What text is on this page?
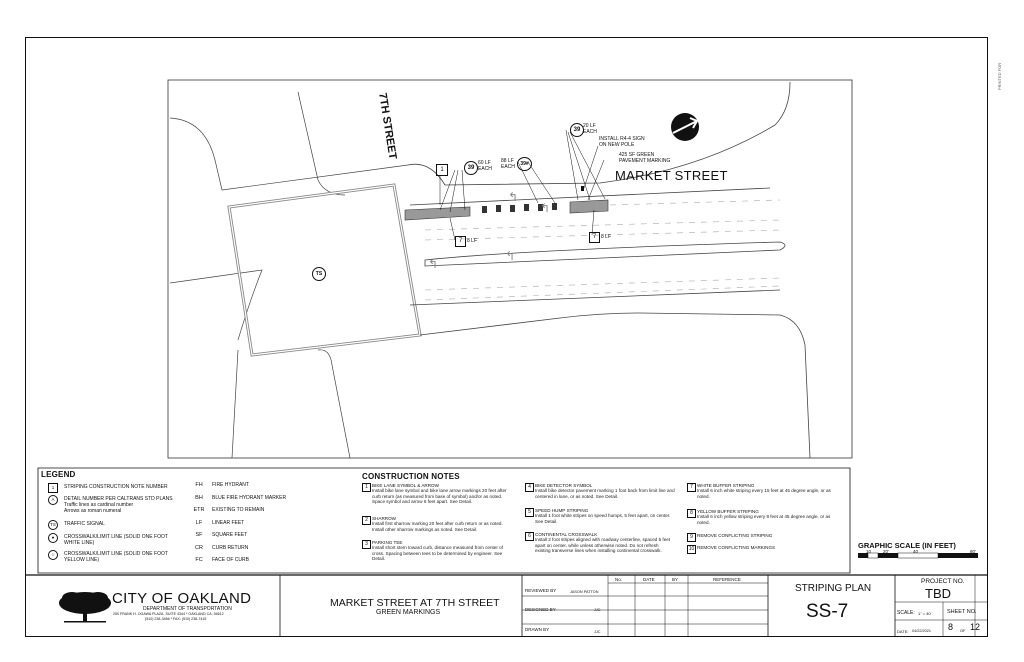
↰
↰
↰
↰
7TH STREET
MARKET STREET
1	39
60 LF
EACH
88 LF
EACH	39#
39
20 LF
EACH
INSTALL R4-4 SIGN
ON NEW POLE
425 SF GREEN
PAVEMENT MARKING
7 8 LF
7 8 LF
TS
PRINTED FOR
LEGEND
1	STRIPING CONSTRUCTION NOTE NUMBER
A	DETAIL NUMBER PER CALTRANS STD PLANS
Traffic lines as cardinal number
Arrows as roman numeral
TS	TRAFFIC SIGNAL
●	CROSSWALK/LIMIT LINE (SOLID ONE FOOT
WHITE LINE)
○	CROSSWALK/LIMIT LINE (SOLID ONE FOOT
YELLOW LINE)
FH	FIRE HYDRANT
BH	BLUE FIRE HYDRANT MARKER
ETR	EXISTING TO REMAIN
LF	LINEAR FEET
SF	SQUARE FEET
CR	CURB RETURN
FC	FACE OF CURB
CONSTRUCTION NOTES
1 BIKE LANE SYMBOL & ARROW
Install bike lane symbol and bike lane arrow markings 20 feet after curb return (as measured from base of symbol) and/or as noted. Space symbol and arrow 6 feet apart. See Detail.
2 SHARROW
Install first sharrow marking 20 feet after curb return or as noted. Install other sharrow markings as noted. See Detail.
3 PARKING TEE
Install short stem toward curb, distance measured from center of cross. Spacing between tees to be determined by engineer. See Detail.
4 BIKE DETECTOR SYMBOL
Install bike detector pavement marking 1 foot back from limit line and centered in lane, or as noted. See Detail.
5 SPEED HUMP STRIPING
Install 1 foot white stripes on speed humps, 5 feet apart, on center. See Detail.
6 CONTINENTAL CROSSWALK
Install 2 foot stripes aligned with roadway centerline, spaced 5 feet apart on center, while unless otherwise noted. Do not refresh existing transverse lines when installing continental crosswalk.
7 WHITE BUFFER STRIPING
Install 6 inch white striping every 15 feet at 45 degree angle, or as noted.
8 YELLOW BUFFER STRIPING
Install 6 inch yellow striping every 8 feet at 45 degree angle, or as noted.
9 REMOVE CONFLICTING STRIPING
10 REMOVE CONFLICTING MARKINGS	GRAPHIC SCALE (IN FEET)
10	20'	40	80'
CITY OF OAKLAND
DEPARTMENT OF TRANSPORTATION
250 FRANK H. OGAWA PLAZA, SUITE 4344 * OAKLAND CA, 94612
(510) 238-3466 * FAX: (510) 238-7415
MARKET STREET AT 7TH STREET
GREEN MARKINGS
REVIEWED BY	JASON PATTON
DESIGNED BY	JJC
DRAWN BY	JJC
No.	DATE	BY	REFERENCE
STRIPING PLAN
SS-7
PROJECT NO.
TBD
SCALE: 1" = 40'	SHEET NO.
DATE: 04/22/2021 8 OF 12
